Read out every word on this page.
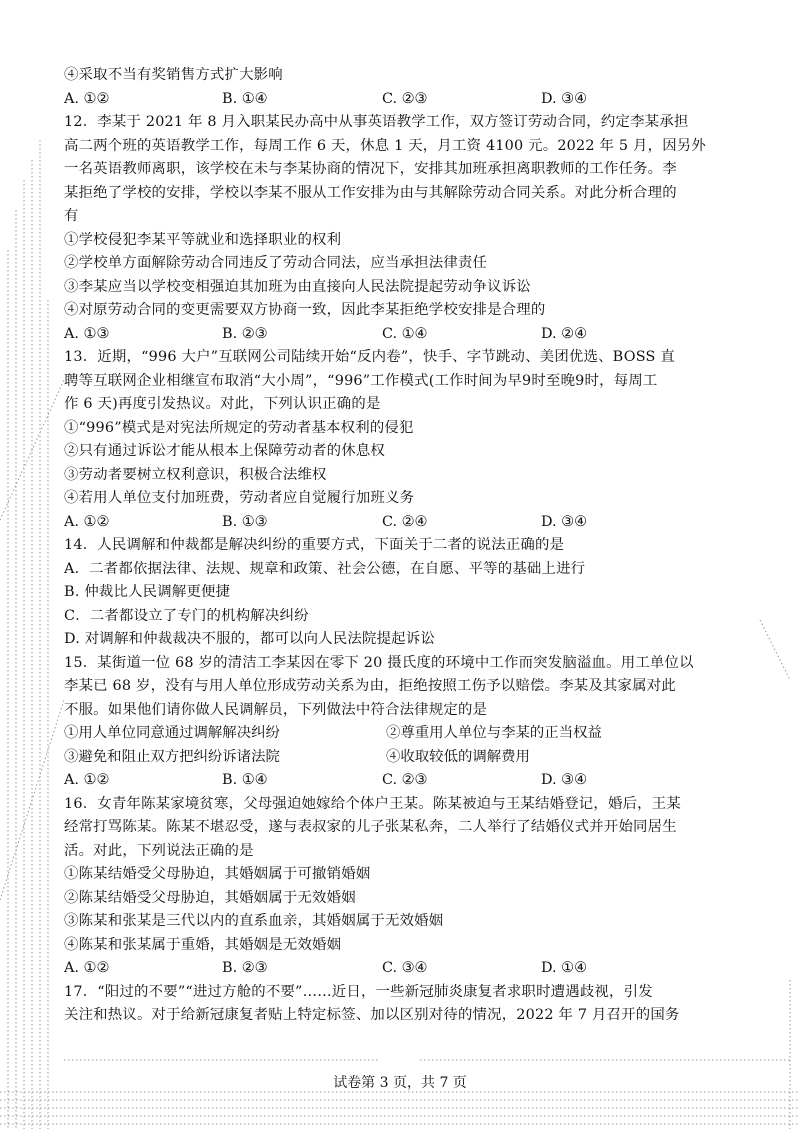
④采取不当有奖销售方式扩大影响
A. ①②	B. ①④	C. ②③	D. ③④
12．李某于 2021 年 8 月入职某民办高中从事英语教学工作，双方签订劳动合同，约定李某承担
高二两个班的英语教学工作，每周工作 6 天，休息 1 天，月工资 4100 元。2022 年 5 月，因另外
一名英语教师离职，该学校在未与李某协商的情况下，安排其加班承担离职教师的工作任务。李
某拒绝了学校的安排，学校以李某不服从工作安排为由与其解除劳动合同关系。对此分析合理的
有
①学校侵犯李某平等就业和选择职业的权利
②学校单方面解除劳动合同违反了劳动合同法，应当承担法律责任
③李某应当以学校变相强迫其加班为由直接向人民法院提起劳动争议诉讼
④对原劳动合同的变更需要双方协商一致，因此李某拒绝学校安排是合理的
A. ①③	B. ②③	C. ①④	D. ②④
13．近期，“996 大户”互联网公司陆续开始“反内卷”，快手、字节跳动、美团优选、BOSS 直
聘等互联网企业相继宣布取消“大小周”，“996”工作模式(工作时间为早9时至晚9时，每周工
作 6 天)再度引发热议。对此，下列认识正确的是
①“996”模式是对宪法所规定的劳动者基本权利的侵犯
②只有通过诉讼才能从根本上保障劳动者的休息权
③劳动者要树立权利意识，积极合法维权
④若用人单位支付加班费，劳动者应自觉履行加班义务
A. ①②	B. ①③	C. ②④	D. ③④
14．人民调解和仲裁都是解决纠纷的重要方式，下面关于二者的说法正确的是
A．二者都依据法律、法规、规章和政策、社会公德，在自愿、平等的基础上进行
B. 仲裁比人民调解更便捷
C．二者都设立了专门的机构解决纠纷
D. 对调解和仲裁裁决不服的，都可以向人民法院提起诉讼
15．某街道一位 68 岁的清洁工李某因在零下 20 摄氏度的环境中工作而突发脑溢血。用工单位以
李某已 68 岁，没有与用人单位形成劳动关系为由，拒绝按照工伤予以赔偿。李某及其家属对此
不服。如果他们请你做人民调解员，下列做法中符合法律规定的是
①用人单位同意通过调解解决纠纷	②尊重用人单位与李某的正当权益
③避免和阻止双方把纠纷诉诸法院	④收取较低的调解费用
A. ①②	B. ①④	C. ②③	D. ③④
16．女青年陈某家境贫寒，父母强迫她嫁给个体户王某。陈某被迫与王某结婚登记，婚后，王某
经常打骂陈某。陈某不堪忍受，遂与表叔家的儿子张某私奔，二人举行了结婚仪式并开始同居生
活。对此，下列说法正确的是
①陈某结婚受父母胁迫，其婚姻属于可撤销婚姻
②陈某结婚受父母胁迫，其婚姻属于无效婚姻
③陈某和张某是三代以内的直系血亲，其婚姻属于无效婚姻
④陈某和张某属于重婚，其婚姻是无效婚姻
A. ①②	B. ②③	C. ③④	D. ①④
17．“阳过的不要”“进过方舱的不要”……近日，一些新冠肺炎康复者求职时遭遇歧视，引发
关注和热议。对于给新冠康复者贴上特定标签、加以区别对待的情况，2022 年 7 月召开的国务
试卷第 3 页，共 7 页
